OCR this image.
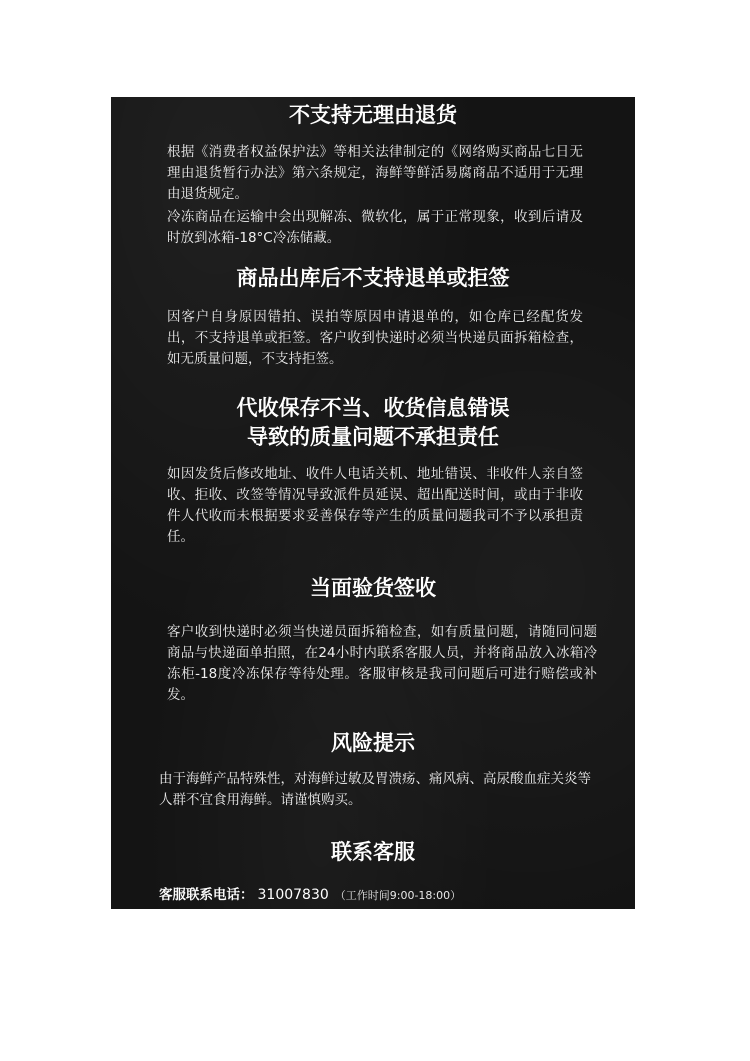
不支持无理由退货

根据《消费者权益保护法》等相关法律制定的《网络购买商品七日无理由退货暂行办法》第六条规定，海鲜等鲜活易腐商品不适用于无理由退货规定。

冷冻商品在运输中会出现解冻、微软化，属于正常现象，收到后请及时放到冰箱-18°C冷冻储藏。

商品出库后不支持退单或拒签

因客户自身原因错拍、误拍等原因申请退单的，如仓库已经配货发出，不支持退单或拒签。客户收到快递时必须当快递员面拆箱检查，如无质量问题，不支持拒签。

代收保存不当、收货信息错误
导致的质量问题不承担责任

如因发货后修改地址、收件人电话关机、地址错误、非收件人亲自签收、拒收、改签等情况导致派件员延误、超出配送时间，或由于非收件人代收而未根据要求妥善保存等产生的质量问题我司不予以承担责任。

当面验货签收

客户收到快递时必须当快递员面拆箱检查，如有质量问题，请随同问题商品与快递面单拍照，在24小时内联系客服人员，并将商品放入冰箱冷冻柜-18度冷冻保存等待处理。客服审核是我司问题后可进行赔偿或补发。

风险提示
联系客服
客服联系电话： 31007830 （工作时间9:00-18:00）

由于海鲜产品特殊性，对海鲜过敏及胃溃疡、痛风病、高尿酸血症关炎等人群不宜食用海鲜。请谨慎购买。
